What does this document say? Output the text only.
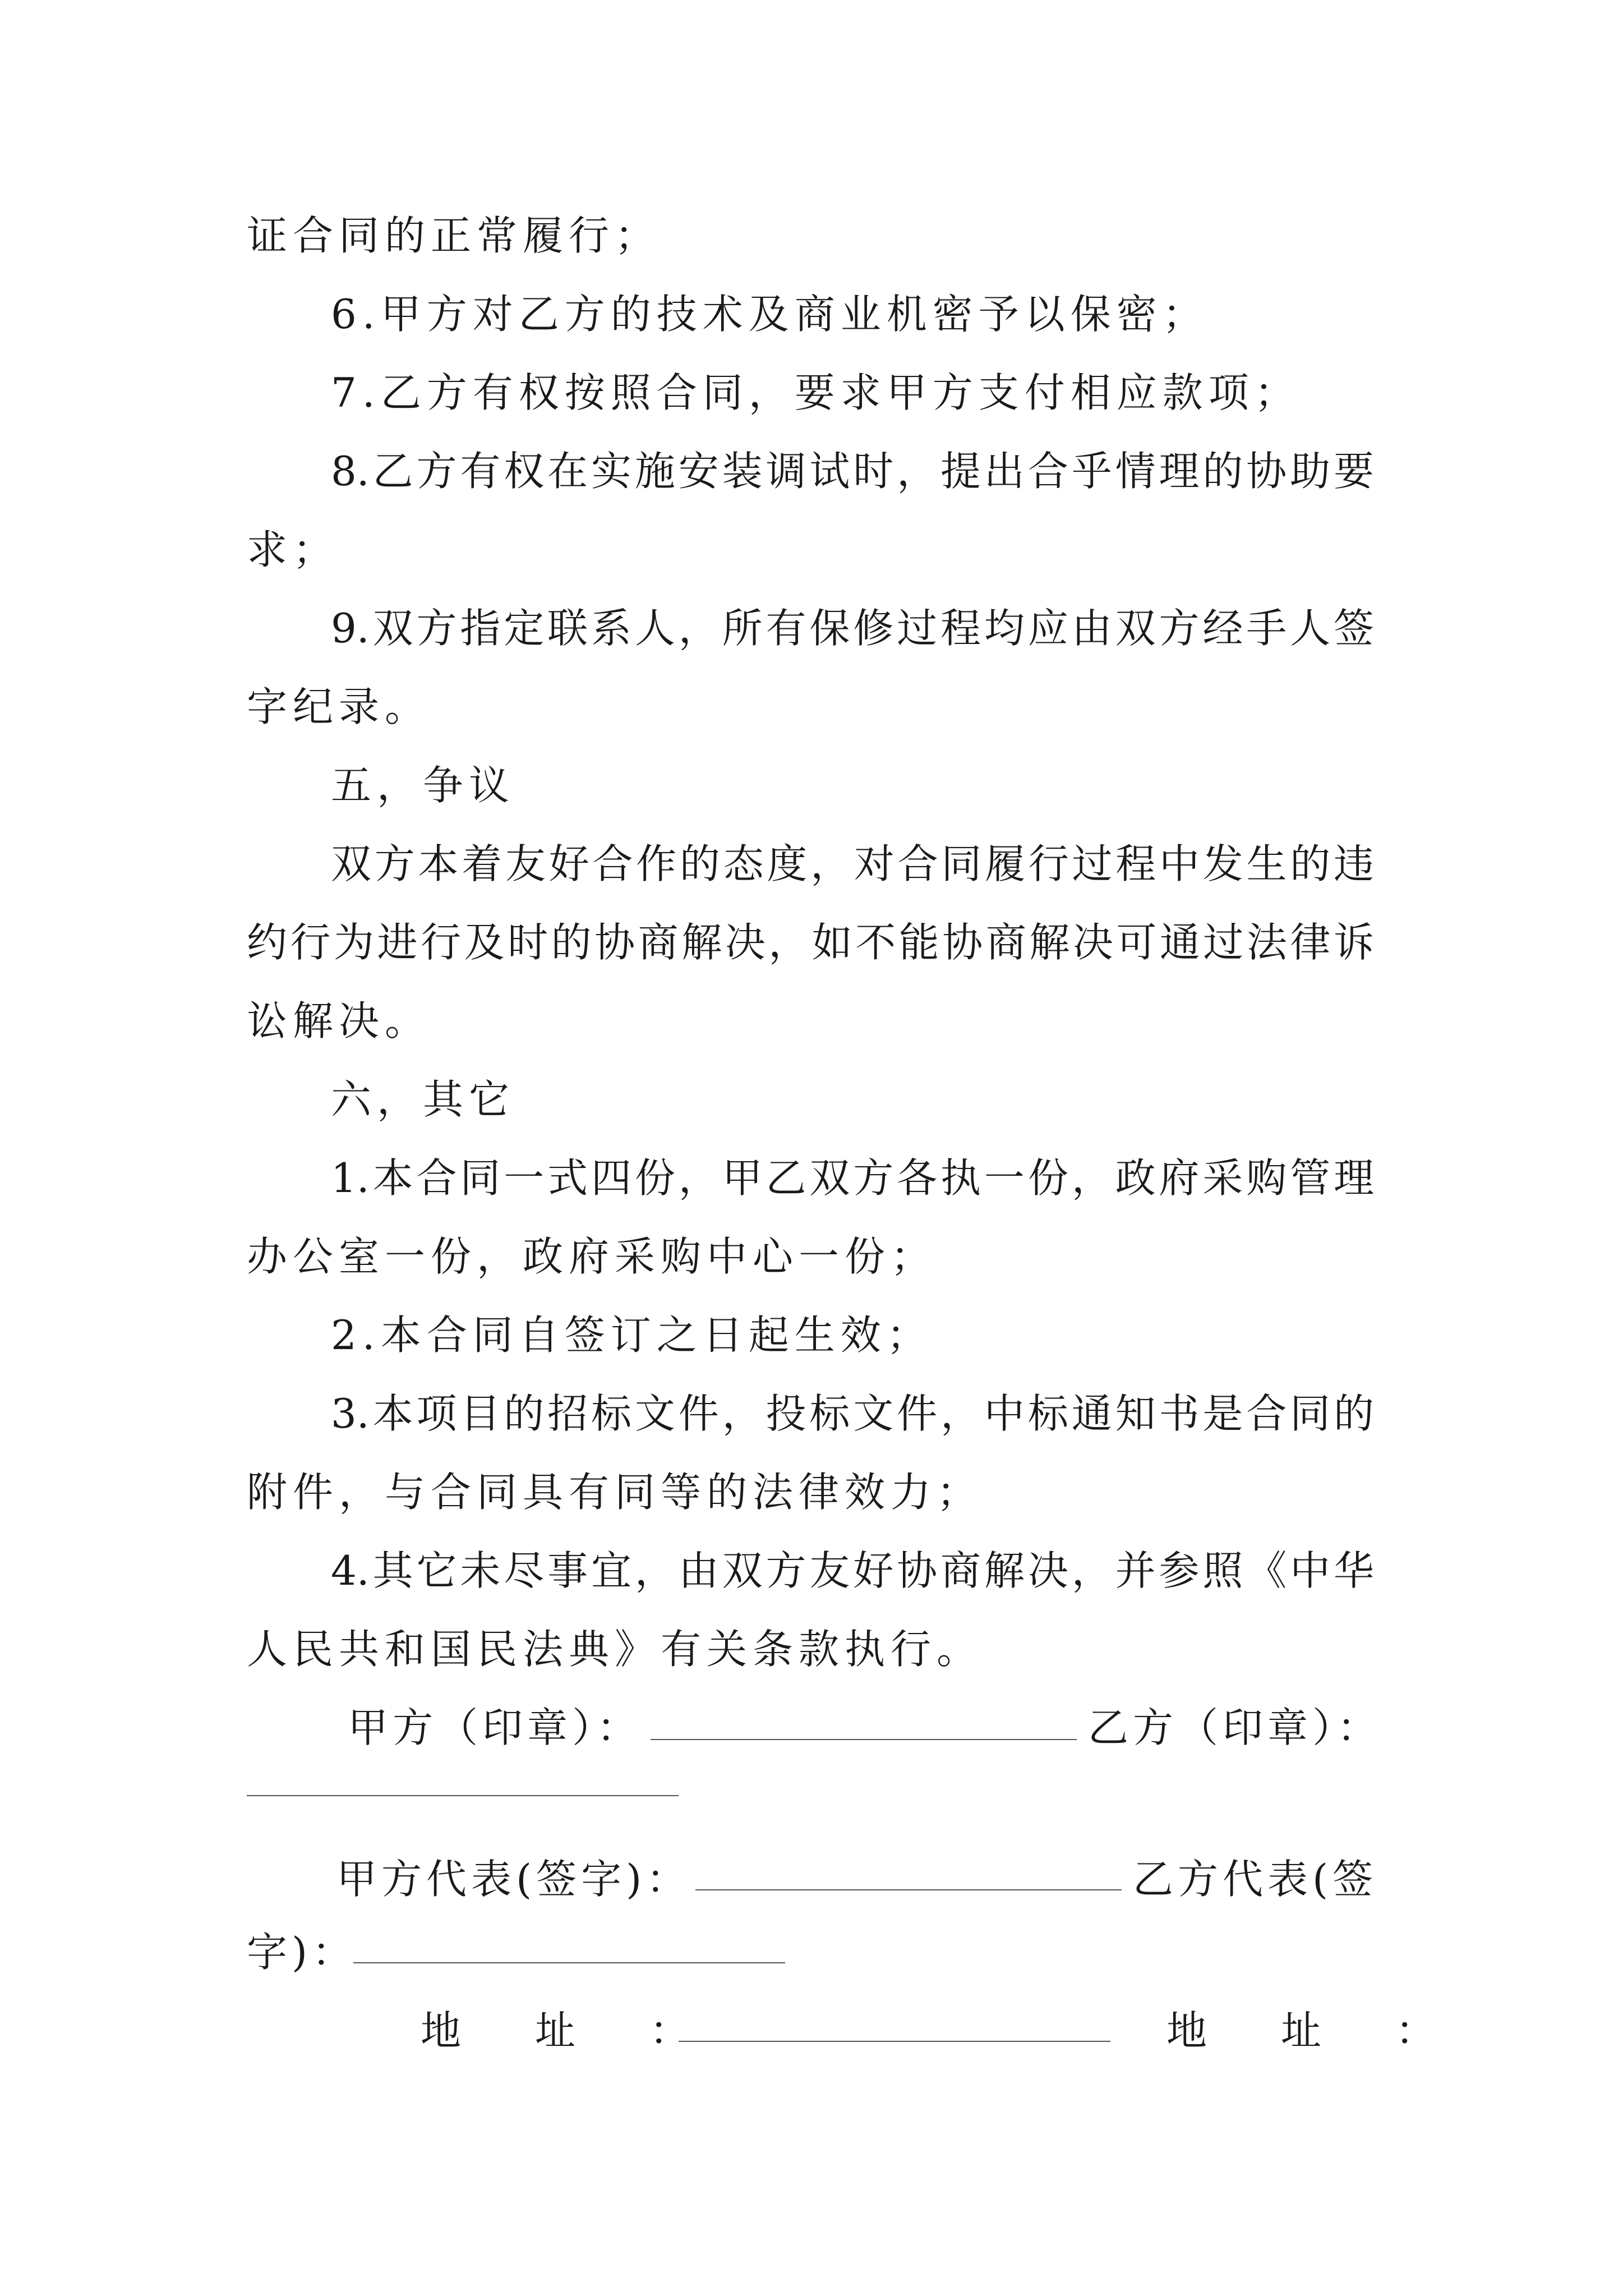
证合同的正常履行；
6.甲方对乙方的技术及商业机密予以保密；
7.乙方有权按照合同，要求甲方支付相应款项；
8.乙方有权在实施安装调试时，提出合乎情理的协助要
求；
9.双方指定联系人，所有保修过程均应由双方经手人签
字纪录。
五，争议
双方本着友好合作的态度，对合同履行过程中发生的违
约行为进行及时的协商解决，如不能协商解决可通过法律诉
讼解决。
六，其它
1.本合同一式四份，甲乙双方各执一份，政府采购管理
办公室一份，政府采购中心一份；
2.本合同自签订之日起生效；
3.本项目的招标文件，投标文件，中标通知书是合同的
附件，与合同具有同等的法律效力；
4.其它未尽事宜，由双方友好协商解决，并参照《中华
人民共和国民法典》有关条款执行。
甲方（印章）：	乙方（印章）：
甲方代表(签字)：	乙方代表(签
字)：
地　址　：	地　址　：
